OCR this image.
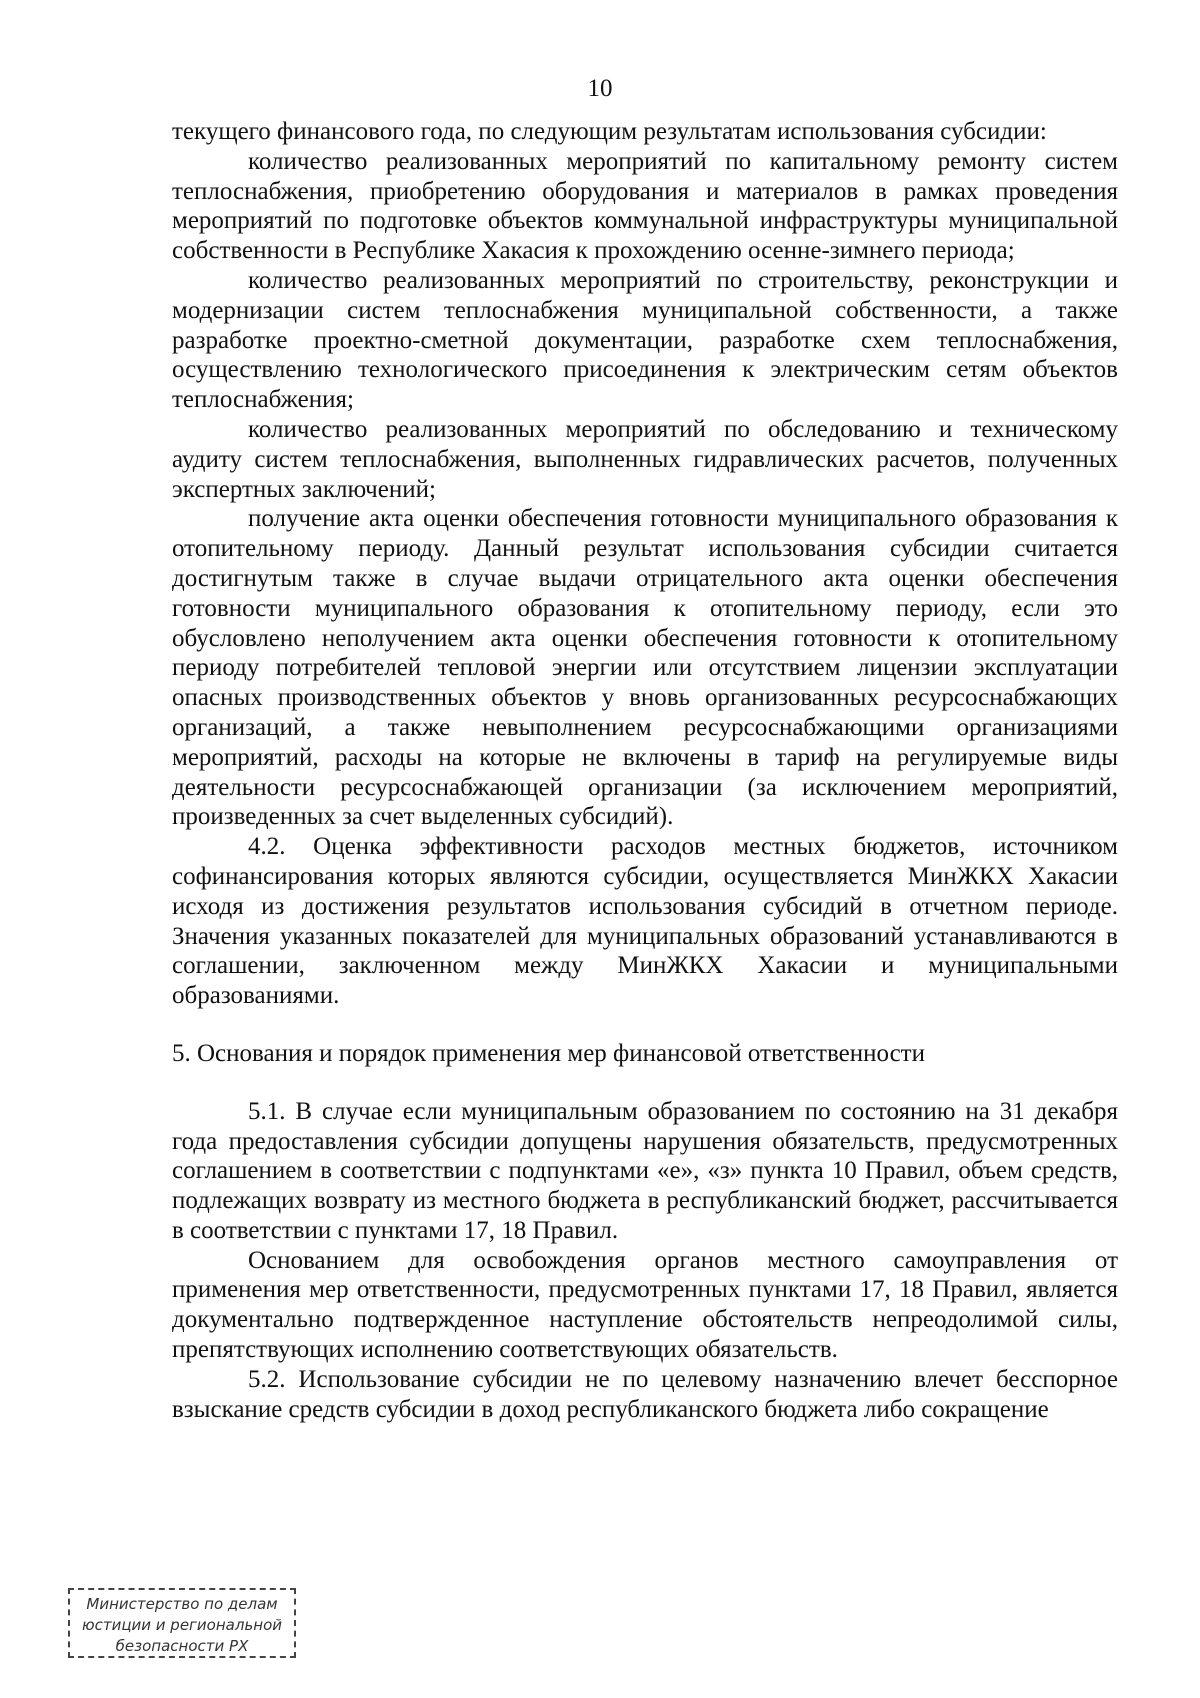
10

текущего финансового года, по следующим результатам использования субсидии:

количество реализованных мероприятий по капитальному ремонту систем теплоснабжения, приобретению оборудования и материалов в рамках проведения мероприятий по подготовке объектов коммунальной инфраструктуры муниципальной собственности в Республике Хакасия к прохождению осенне-зимнего периода;

количество реализованных мероприятий по строительству, реконструкции и модернизации систем теплоснабжения муниципальной собственности, а также разработке проектно-сметной документации, разработке схем теплоснабжения, осуществлению технологического присоединения к электрическим сетям объектов теплоснабжения;

количество реализованных мероприятий по обследованию и техническому аудиту систем теплоснабжения, выполненных гидравлических расчетов, полученных экспертных заключений;

получение акта оценки обеспечения готовности муниципального образования к отопительному периоду. Данный результат использования субсидии считается достигнутым также в случае выдачи отрицательного акта оценки обеспечения готовности муниципального образования к отопительному периоду, если это обусловлено неполучением акта оценки обеспечения готовности к отопительному периоду потребителей тепловой энергии или отсутствием лицензии эксплуатации опасных производственных объектов у вновь организованных ресурсоснабжающих организаций, а также невыполнением ресурсоснабжающими организациями мероприятий, расходы на которые не включены в тариф на регулируемые виды деятельности ресурсоснабжающей организации (за исключением мероприятий, произведенных за счет выделенных субсидий).

4.2. Оценка эффективности расходов местных бюджетов, источником софинансирования которых являются субсидии, осуществляется МинЖКХ Хакасии исходя из достижения результатов использования субсидий в отчетном периоде. Значения указанных показателей для муниципальных образований устанавливаются в соглашении, заключенном между МинЖКХ Хакасии и муниципальными образованиями.

5. Основания и порядок применения мер финансовой ответственности

5.1. В случае если муниципальным образованием по состоянию на 31 декабря года предоставления субсидии допущены нарушения обязательств, предусмотренных соглашением в соответствии с подпунктами «е», «з» пункта 10 Правил, объем средств, подлежащих возврату из местного бюджета в республиканский бюджет, рассчитывается в соответствии с пунктами 17, 18 Правил.

Основанием для освобождения органов местного самоуправления от применения мер ответственности, предусмотренных пунктами 17, 18 Правил, является документально подтвержденное наступление обстоятельств непреодолимой силы, препятствующих исполнению соответствующих обязательств.

5.2. Использование субсидии не по целевому назначению влечет бесспорное взыскание средств субсидии в доход республиканского бюджета либо сокращение

Министерство по делам
юстиции и региональной
безопасности РХ
